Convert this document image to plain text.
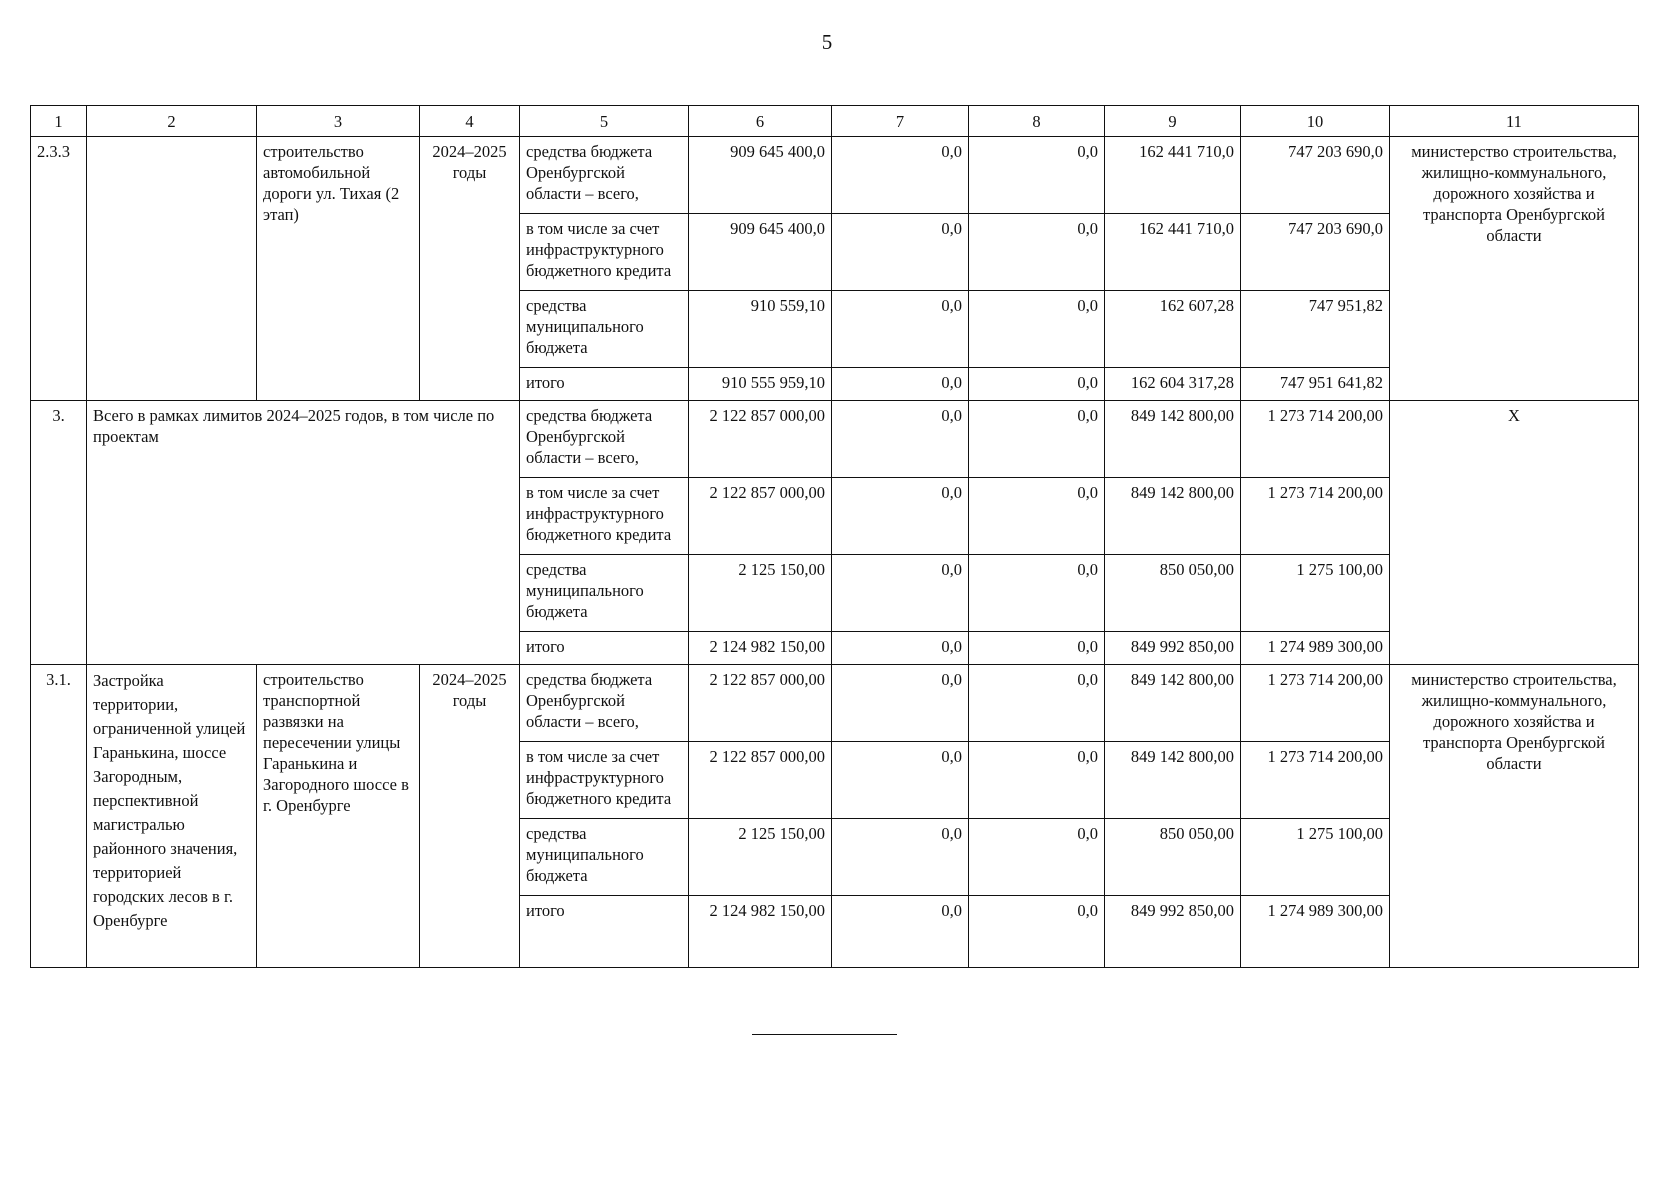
5
1	2	3	4	5	6	7	8	9	10	11
2.3.3		строительство автомобильной дороги ул. Тихая (2 этап)	2024–2025 годы	средства бюджета Оренбургской области – всего,	909 645 400,0	0,0	0,0	162 441 710,0	747 203 690,0	министерство строительства, жилищно-коммунального, дорожного хозяйства и транспорта Оренбургской области
				в том числе за счет инфраструктурного бюджетного кредита	909 645 400,0	0,0	0,0	162 441 710,0	747 203 690,0	
				средства муниципального бюджета	910 559,10	0,0	0,0	162 607,28	747 951,82	
				итого	910 555 959,10	0,0	0,0	162 604 317,28	747 951 641,82	
3.	Всего в рамках лимитов 2024–2025 годов, в том числе по проектам			средства бюджета Оренбургской области – всего,	2 122 857 000,00	0,0	0,0	849 142 800,00	1 273 714 200,00	X
				в том числе за счет инфраструктурного бюджетного кредита	2 122 857 000,00	0,0	0,0	849 142 800,00	1 273 714 200,00	
				средства муниципального бюджета	2 125 150,00	0,0	0,0	850 050,00	1 275 100,00	
				итого	2 124 982 150,00	0,0	0,0	849 992 850,00	1 274 989 300,00	
3.1.	Застройка территории, ограниченной улицей Гаранькина, шоссе Загородным, перспективной магистралью районного значения, территорией городских лесов в г. Оренбурге	строительство транспортной развязки на пересечении улицы Гаранькина и Загородного шоссе в г. Оренбурге	2024–2025 годы	средства бюджета Оренбургской области – всего,	2 122 857 000,00	0,0	0,0	849 142 800,00	1 273 714 200,00	министерство строительства, жилищно-коммунального, дорожного хозяйства и транспорта Оренбургской области
				в том числе за счет инфраструктурного бюджетного кредита	2 122 857 000,00	0,0	0,0	849 142 800,00	1 273 714 200,00	
				средства муниципального бюджета	2 125 150,00	0,0	0,0	850 050,00	1 275 100,00	
				итого	2 124 982 150,00	0,0	0,0	849 992 850,00	1 274 989 300,00	
